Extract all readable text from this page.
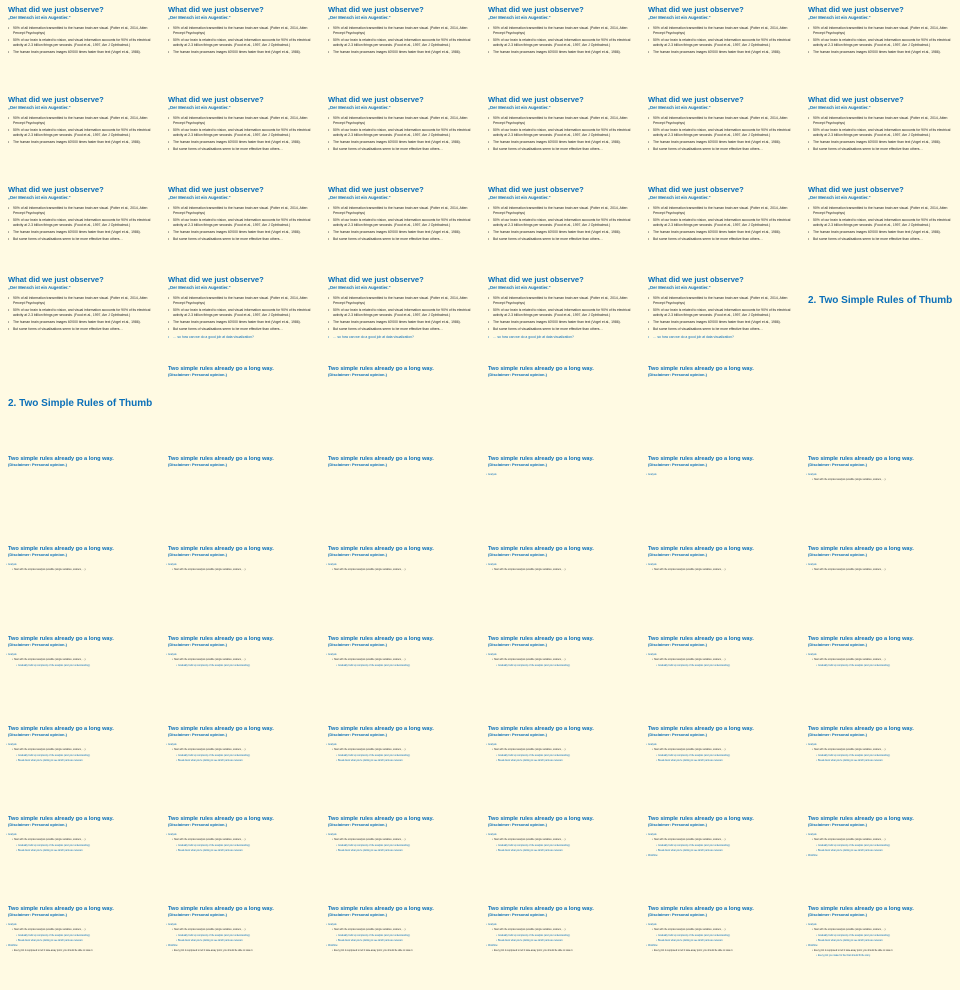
What did we just observe?
„Der Mensch ist ein Augentier."
• 90% of all information transmitted to the human brain are visual. (Potter et al., 2014, Atten Percept Psychophys)
• 50% of our brain is related to vision, and visual information accounts for 90% of its electrical activity at 2-3 billion firings per seconds. (Food et al., 1997, Am J Ophthalmol.)
• The human brain processes images 60'000 times faster than text (Vogel et al., 1986).
What did we just observe?
„Der Mensch ist ein Augentier."
• 90% of all information transmitted to the human brain are visual. (Potter et al., 2014, Atten Percept Psychophys)
• 50% of our brain is related to vision, and visual information accounts for 90% of its electrical activity at 2-3 billion firings per seconds. (Food et al., 1997, Am J Ophthalmol.)
• The human brain processes images 60'000 times faster than text (Vogel et al., 1986).
What did we just observe?
„Der Mensch ist ein Augentier."
• 90% of all information transmitted to the human brain are visual. (Potter et al., 2014, Atten Percept Psychophys)
• 50% of our brain is related to vision, and visual information accounts for 90% of its electrical activity at 2-3 billion firings per seconds. (Food et al., 1997, Am J Ophthalmol.)
• The human brain processes images 60'000 times faster than text (Vogel et al., 1986).
What did we just observe?
„Der Mensch ist ein Augentier."
• 90% of all information transmitted to the human brain are visual. (Potter et al., 2014, Atten Percept Psychophys)
• 50% of our brain is related to vision, and visual information accounts for 90% of its electrical activity at 2-3 billion firings per seconds. (Food et al., 1997, Am J Ophthalmol.)
• The human brain processes images 60'000 times faster than text (Vogel et al., 1986).
What did we just observe?
„Der Mensch ist ein Augentier."
• 90% of all information transmitted to the human brain are visual. (Potter et al., 2014, Atten Percept Psychophys)
• 50% of our brain is related to vision, and visual information accounts for 90% of its electrical activity at 2-3 billion firings per seconds. (Food et al., 1997, Am J Ophthalmol.)
• The human brain processes images 60'000 times faster than text (Vogel et al., 1986).
What did we just observe?
„Der Mensch ist ein Augentier."
• 90% of all information transmitted to the human brain are visual. (Potter et al., 2014, Atten Percept Psychophys)
• 50% of our brain is related to vision, and visual information accounts for 90% of its electrical activity at 2-3 billion firings per seconds. (Food et al., 1997, Am J Ophthalmol.)
• The human brain processes images 60'000 times faster than text (Vogel et al., 1986).
What did we just observe?
„Der Mensch ist ein Augentier."
• 90% of all information transmitted to the human brain are visual. (Potter et al., 2014, Atten Percept Psychophys)
• 50% of our brain is related to vision, and visual information accounts for 90% of its electrical activity at 2-3 billion firings per seconds. (Food et al., 1997, Am J Ophthalmol.)
• The human brain processes images 60'000 times faster than text (Vogel et al., 1986).
What did we just observe?
„Der Mensch ist ein Augentier."
• 90% of all information transmitted to the human brain are visual. (Potter et al., 2014, Atten Percept Psychophys)
• 50% of our brain is related to vision, and visual information accounts for 90% of its electrical activity at 2-3 billion firings per seconds. (Food et al., 1997, Am J Ophthalmol.)
• The human brain processes images 60'000 times faster than text (Vogel et al., 1986).
• But some forms of visualisations seem to be more effective than others…
What did we just observe?
„Der Mensch ist ein Augentier."
• 90% of all information transmitted to the human brain are visual. (Potter et al., 2014, Atten Percept Psychophys)
• 50% of our brain is related to vision, and visual information accounts for 90% of its electrical activity at 2-3 billion firings per seconds. (Food et al., 1997, Am J Ophthalmol.)
• The human brain processes images 60'000 times faster than text (Vogel et al., 1986).
• But some forms of visualisations seem to be more effective than others…
What did we just observe?
„Der Mensch ist ein Augentier."
• 90% of all information transmitted to the human brain are visual. (Potter et al., 2014, Atten Percept Psychophys)
• 50% of our brain is related to vision, and visual information accounts for 90% of its electrical activity at 2-3 billion firings per seconds. (Food et al., 1997, Am J Ophthalmol.)
• The human brain processes images 60'000 times faster than text (Vogel et al., 1986).
• But some forms of visualisations seem to be more effective than others…
What did we just observe?
„Der Mensch ist ein Augentier."
• 90% of all information transmitted to the human brain are visual. (Potter et al., 2014, Atten Percept Psychophys)
• 50% of our brain is related to vision, and visual information accounts for 90% of its electrical activity at 2-3 billion firings per seconds. (Food et al., 1997, Am J Ophthalmol.)
• The human brain processes images 60'000 times faster than text (Vogel et al., 1986).
• But some forms of visualisations seem to be more effective than others…
What did we just observe?
„Der Mensch ist ein Augentier."
• 90% of all information transmitted to the human brain are visual. (Potter et al., 2014, Atten Percept Psychophys)
• 50% of our brain is related to vision, and visual information accounts for 90% of its electrical activity at 2-3 billion firings per seconds. (Food et al., 1997, Am J Ophthalmol.)
• The human brain processes images 60'000 times faster than text (Vogel et al., 1986).
• But some forms of visualisations seem to be more effective than others…
What did we just observe?
„Der Mensch ist ein Augentier."
• 90% of all information transmitted to the human brain are visual. (Potter et al., 2014, Atten Percept Psychophys)
• 50% of our brain is related to vision, and visual information accounts for 90% of its electrical activity at 2-3 billion firings per seconds. (Food et al., 1997, Am J Ophthalmol.)
• The human brain processes images 60'000 times faster than text (Vogel et al., 1986).
• But some forms of visualisations seem to be more effective than others…
What did we just observe?
„Der Mensch ist ein Augentier."
• 90% of all information transmitted to the human brain are visual. (Potter et al., 2014, Atten Percept Psychophys)
• 50% of our brain is related to vision, and visual information accounts for 90% of its electrical activity at 2-3 billion firings per seconds. (Food et al., 1997, Am J Ophthalmol.)
• The human brain processes images 60'000 times faster than text (Vogel et al., 1986).
• But some forms of visualisations seem to be more effective than others…
What did we just observe?
„Der Mensch ist ein Augentier."
• 90% of all information transmitted to the human brain are visual. (Potter et al., 2014, Atten Percept Psychophys)
• 50% of our brain is related to vision, and visual information accounts for 90% of its electrical activity at 2-3 billion firings per seconds. (Food et al., 1997, Am J Ophthalmol.)
• The human brain processes images 60'000 times faster than text (Vogel et al., 1986).
• But some forms of visualisations seem to be more effective than others…
What did we just observe?
„Der Mensch ist ein Augentier."
• 90% of all information transmitted to the human brain are visual. (Potter et al., 2014, Atten Percept Psychophys)
• 50% of our brain is related to vision, and visual information accounts for 90% of its electrical activity at 2-3 billion firings per seconds. (Food et al., 1997, Am J Ophthalmol.)
• The human brain processes images 60'000 times faster than text (Vogel et al., 1986).
• But some forms of visualisations seem to be more effective than others…
What did we just observe?
„Der Mensch ist ein Augentier."
• 90% of all information transmitted to the human brain are visual. (Potter et al., 2014, Atten Percept Psychophys)
• 50% of our brain is related to vision, and visual information accounts for 90% of its electrical activity at 2-3 billion firings per seconds. (Food et al., 1997, Am J Ophthalmol.)
• The human brain processes images 60'000 times faster than text (Vogel et al., 1986).
• But some forms of visualisations seem to be more effective than others…
What did we just observe?
„Der Mensch ist ein Augentier."
• 90% of all information transmitted to the human brain are visual. (Potter et al., 2014, Atten Percept Psychophys)
• 50% of our brain is related to vision, and visual information accounts for 90% of its electrical activity at 2-3 billion firings per seconds. (Food et al., 1997, Am J Ophthalmol.)
• The human brain processes images 60'000 times faster than text (Vogel et al., 1986).
• But some forms of visualisations seem to be more effective than others…
What did we just observe?
„Der Mensch ist ein Augentier."
• 90% of all information transmitted to the human brain are visual. (Potter et al., 2014, Atten Percept Psychophys)
• 50% of our brain is related to vision, and visual information accounts for 90% of its electrical activity at 2-3 billion firings per seconds. (Food et al., 1997, Am J Ophthalmol.)
• The human brain processes images 60'000 times faster than text (Vogel et al., 1986).
• But some forms of visualisations seem to be more effective than others…
What did we just observe?
„Der Mensch ist ein Augentier."
• 90% of all information transmitted to the human brain are visual. (Potter et al., 2014, Atten Percept Psychophys)
• 50% of our brain is related to vision, and visual information accounts for 90% of its electrical activity at 2-3 billion firings per seconds. (Food et al., 1997, Am J Ophthalmol.)
• The human brain processes images 60'000 times faster than text (Vogel et al., 1986).
• But some forms of visualisations seem to be more effective than others…
• … so how can we do a good job at data visualization?
What did we just observe?
„Der Mensch ist ein Augentier."
• 90% of all information transmitted to the human brain are visual. (Potter et al., 2014, Atten Percept Psychophys)
• 50% of our brain is related to vision, and visual information accounts for 90% of its electrical activity at 2-3 billion firings per seconds. (Food et al., 1997, Am J Ophthalmol.)
• The human brain processes images 60'000 times faster than text (Vogel et al., 1986).
• But some forms of visualisations seem to be more effective than others…
• … so how can we do a good job at data visualization?
What did we just observe?
„Der Mensch ist ein Augentier."
• 90% of all information transmitted to the human brain are visual. (Potter et al., 2014, Atten Percept Psychophys)
• 50% of our brain is related to vision, and visual information accounts for 90% of its electrical activity at 2-3 billion firings per seconds. (Food et al., 1997, Am J Ophthalmol.)
• The human brain processes images 60'000 times faster than text (Vogel et al., 1986).
• But some forms of visualisations seem to be more effective than others…
• … so how can we do a good job at data visualization?
What did we just observe?
„Der Mensch ist ein Augentier."
• 90% of all information transmitted to the human brain are visual. (Potter et al., 2014, Atten Percept Psychophys)
• 50% of our brain is related to vision, and visual information accounts for 90% of its electrical activity at 2-3 billion firings per seconds. (Food et al., 1997, Am J Ophthalmol.)
• The human brain processes images 60'000 times faster than text (Vogel et al., 1986).
• But some forms of visualisations seem to be more effective than others…
• … so how can we do a good job at data visualization?
2. Two Simple Rules of Thumb
2. Two Simple Rules of Thumb
Two simple rules already go a long way.
(Disclaimer: Personal opinion.)
Two simple rules already go a long way.
(Disclaimer: Personal opinion.)
Two simple rules already go a long way.
(Disclaimer: Personal opinion.)
Two simple rules already go a long way.
(Disclaimer: Personal opinion.)
Two simple rules already go a long way.
(Disclaimer: Personal opinion.)
Two simple rules already go a long way.
(Disclaimer: Personal opinion.)
Two simple rules already go a long way.
(Disclaimer: Personal opinion.)
Two simple rules already go a long way.
(Disclaimer: Personal opinion.)
• Analysis
Two simple rules already go a long way.
(Disclaimer: Personal opinion.)
• Analysis
Two simple rules already go a long way.
(Disclaimer: Personal opinion.)
• Analysis
• Start with the simplest analysis possible (single variables, scatters, …).
Two simple rules already go a long way.
(Disclaimer: Personal opinion.)
• Analysis
• Start with the simplest analysis possible (single variables, scatters, …).
Two simple rules already go a long way.
(Disclaimer: Personal opinion.)
• Analysis
• Start with the simplest analysis possible (single variables, scatters, …).
Two simple rules already go a long way.
(Disclaimer: Personal opinion.)
• Analysis
• Start with the simplest analysis possible (single variables, scatters, …).
Two simple rules already go a long way.
(Disclaimer: Personal opinion.)
• Analysis
• Start with the simplest analysis possible (single variables, scatters, …).
Two simple rules already go a long way.
(Disclaimer: Personal opinion.)
• Analysis
• Start with the simplest analysis possible (single variables, scatters, …).
Two simple rules already go a long way.
(Disclaimer: Personal opinion.)
• Analysis
• Start with the simplest analysis possible (single variables, scatters, …).
Two simple rules already go a long way.
(Disclaimer: Personal opinion.)
• Analysis
• Start with the simplest analysis possible (single variables, scatters, …).
• Gradually build up complexity of the analysis (and your understanding).
Two simple rules already go a long way.
(Disclaimer: Personal opinion.)
• Analysis
• Start with the simplest analysis possible (single variables, scatters, …).
• Gradually build up complexity of the analysis (and your understanding).
Two simple rules already go a long way.
(Disclaimer: Personal opinion.)
• Analysis
• Start with the simplest analysis possible (single variables, scatters, …).
• Gradually build up complexity of the analysis (and your understanding).
Two simple rules already go a long way.
(Disclaimer: Personal opinion.)
• Analysis
• Start with the simplest analysis possible (single variables, scatters, …).
• Gradually build up complexity of the analysis (and your understanding).
Two simple rules already go a long way.
(Disclaimer: Personal opinion.)
• Analysis
• Start with the simplest analysis possible (single variables, scatters, …).
• Gradually build up complexity of the analysis (and your understanding).
Two simple rules already go a long way.
(Disclaimer: Personal opinion.)
• Analysis
• Start with the simplest analysis possible (single variables, scatters, …).
• Gradually build up complexity of the analysis (and your understanding).
Two simple rules already go a long way.
(Disclaimer: Personal opinion.)
• Analysis
• Start with the simplest analysis possible (single variables, scatters, …).
• Gradually build up complexity of the analysis (and your understanding).
• Break down what you're plotting to see which parts are relevant.
Two simple rules already go a long way.
(Disclaimer: Personal opinion.)
• Analysis
• Start with the simplest analysis possible (single variables, scatters, …).
• Gradually build up complexity of the analysis (and your understanding).
• Break down what you're plotting to see which parts are relevant.
Two simple rules already go a long way.
(Disclaimer: Personal opinion.)
• Analysis
• Start with the simplest analysis possible (single variables, scatters, …).
• Gradually build up complexity of the analysis (and your understanding).
• Break down what you're plotting to see which parts are relevant.
Two simple rules already go a long way.
(Disclaimer: Personal opinion.)
• Analysis
• Start with the simplest analysis possible (single variables, scatters, …).
• Gradually build up complexity of the analysis (and your understanding).
• Break down what you're plotting to see which parts are relevant.
Two simple rules already go a long way.
(Disclaimer: Personal opinion.)
• Analysis
• Start with the simplest analysis possible (single variables, scatters, …).
• Gradually build up complexity of the analysis (and your understanding).
• Break down what you're plotting to see which parts are relevant.
Two simple rules already go a long way.
(Disclaimer: Personal opinion.)
• Analysis
• Start with the simplest analysis possible (single variables, scatters, …).
• Gradually build up complexity of the analysis (and your understanding).
• Break down what you're plotting to see which parts are relevant.
Two simple rules already go a long way.
(Disclaimer: Personal opinion.)
• Analysis
• Start with the simplest analysis possible (single variables, scatters, …).
• Gradually build up complexity of the analysis (and your understanding).
• Break down what you're plotting to see which parts are relevant.
Two simple rules already go a long way.
(Disclaimer: Personal opinion.)
• Analysis
• Start with the simplest analysis possible (single variables, scatters, …).
• Gradually build up complexity of the analysis (and your understanding).
• Break down what you're plotting to see which parts are relevant.
Two simple rules already go a long way.
(Disclaimer: Personal opinion.)
• Analysis
• Start with the simplest analysis possible (single variables, scatters, …).
• Gradually build up complexity of the analysis (and your understanding).
• Break down what you're plotting to see which parts are relevant.
Two simple rules already go a long way.
(Disclaimer: Personal opinion.)
• Analysis
• Start with the simplest analysis possible (single variables, scatters, …).
• Gradually build up complexity of the analysis (and your understanding).
• Break down what you're plotting to see which parts are relevant.
Two simple rules already go a long way.
(Disclaimer: Personal opinion.)
• Analysis
• Start with the simplest analysis possible (single variables, scatters, …).
• Gradually build up complexity of the analysis (and your understanding).
• Break down what you're plotting to see which parts are relevant.
• Workflow
Two simple rules already go a long way.
(Disclaimer: Personal opinion.)
• Analysis
• Start with the simplest analysis possible (single variables, scatters, …).
• Gradually build up complexity of the analysis (and your understanding).
• Break down what you're plotting to see which parts are relevant.
• Workflow
Two simple rules already go a long way.
(Disclaimer: Personal opinion.)
• Analysis
• Start with the simplest analysis possible (single variables, scatters, …).
• Gradually build up complexity of the analysis (and your understanding).
• Break down what you're plotting to see which parts are relevant.
• Workflow
• Every plot is supposed to tell 1 take-away point; you should be able to state it.
Two simple rules already go a long way.
(Disclaimer: Personal opinion.)
• Analysis
• Start with the simplest analysis possible (single variables, scatters, …).
• Gradually build up complexity of the analysis (and your understanding).
• Break down what you're plotting to see which parts are relevant.
• Workflow
• Every plot is supposed to tell 1 take-away point; you should be able to state it.
Two simple rules already go a long way.
(Disclaimer: Personal opinion.)
• Analysis
• Start with the simplest analysis possible (single variables, scatters, …).
• Gradually build up complexity of the analysis (and your understanding).
• Break down what you're plotting to see which parts are relevant.
• Workflow
• Every plot is supposed to tell 1 take-away point; you should be able to state it.
Two simple rules already go a long way.
(Disclaimer: Personal opinion.)
• Analysis
• Start with the simplest analysis possible (single variables, scatters, …).
• Gradually build up complexity of the analysis (and your understanding).
• Break down what you're plotting to see which parts are relevant.
• Workflow
• Every plot is supposed to tell 1 take-away point; you should be able to state it.
Two simple rules already go a long way.
(Disclaimer: Personal opinion.)
• Analysis
• Start with the simplest analysis possible (single variables, scatters, …).
• Gradually build up complexity of the analysis (and your understanding).
• Break down what you're plotting to see which parts are relevant.
• Workflow
• Every plot is supposed to tell 1 take-away point; you should be able to state it.
Two simple rules already go a long way.
(Disclaimer: Personal opinion.)
• Analysis
• Start with the simplest analysis possible (single variables, scatters, …).
• Gradually build up complexity of the analysis (and your understanding).
• Break down what you're plotting to see which parts are relevant.
• Workflow
• Every plot is supposed to tell 1 take-away point; you should be able to state it.
• Every plot you make for the final should fit the story.
